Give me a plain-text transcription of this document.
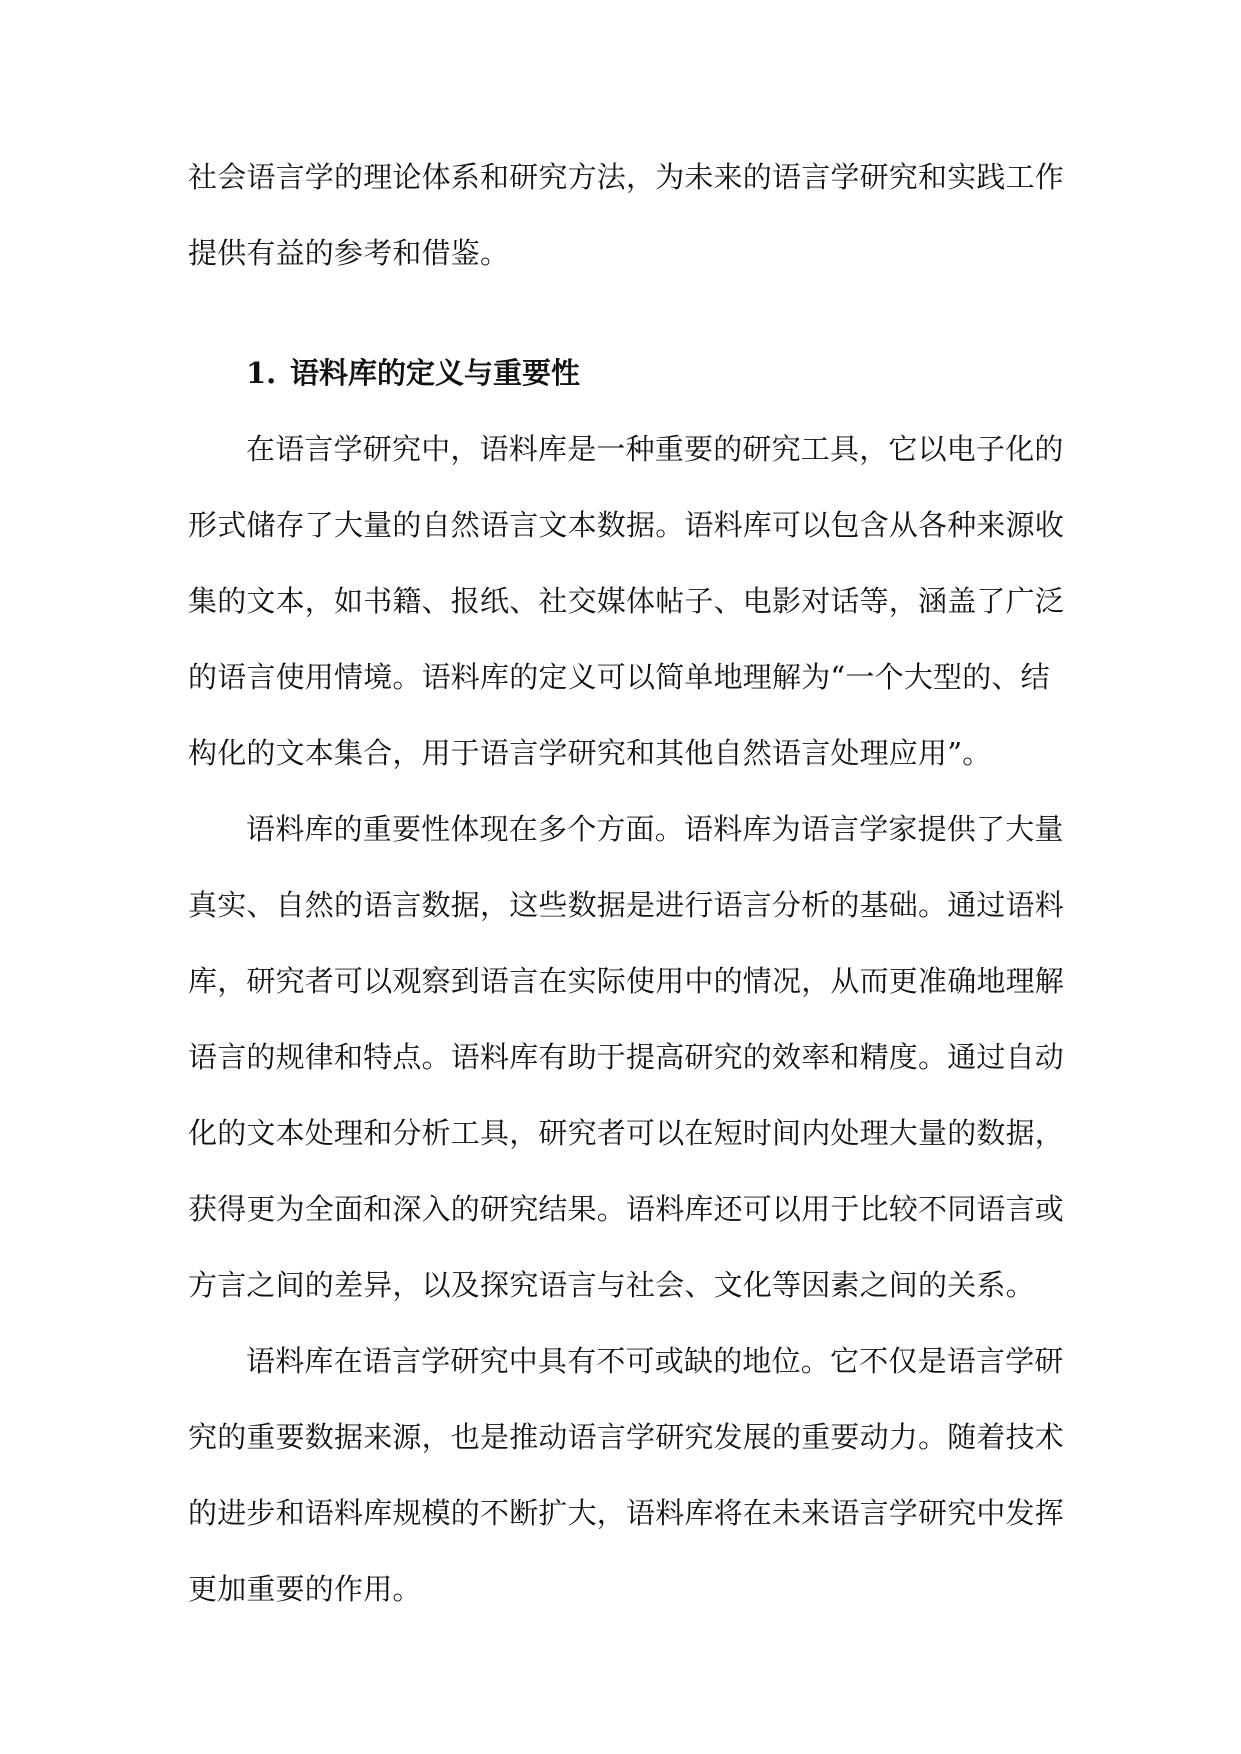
社会语言学的理论体系和研究方法，为未来的语言学研究和实践工作
提供有益的参考和借鉴。
1. 语料库的定义与重要性
在语言学研究中，语料库是一种重要的研究工具，它以电子化的
形式储存了大量的自然语言文本数据。语料库可以包含从各种来源收
集的文本，如书籍、报纸、社交媒体帖子、电影对话等，涵盖了广泛
的语言使用情境。语料库的定义可以简单地理解为“一个大型的、结
构化的文本集合，用于语言学研究和其他自然语言处理应用”。
语料库的重要性体现在多个方面。语料库为语言学家提供了大量
真实、自然的语言数据，这些数据是进行语言分析的基础。通过语料
库，研究者可以观察到语言在实际使用中的情况，从而更准确地理解
语言的规律和特点。语料库有助于提高研究的效率和精度。通过自动
化的文本处理和分析工具，研究者可以在短时间内处理大量的数据，
获得更为全面和深入的研究结果。语料库还可以用于比较不同语言或
方言之间的差异，以及探究语言与社会、文化等因素之间的关系。
语料库在语言学研究中具有不可或缺的地位。它不仅是语言学研
究的重要数据来源，也是推动语言学研究发展的重要动力。随着技术
的进步和语料库规模的不断扩大，语料库将在未来语言学研究中发挥
更加重要的作用。
